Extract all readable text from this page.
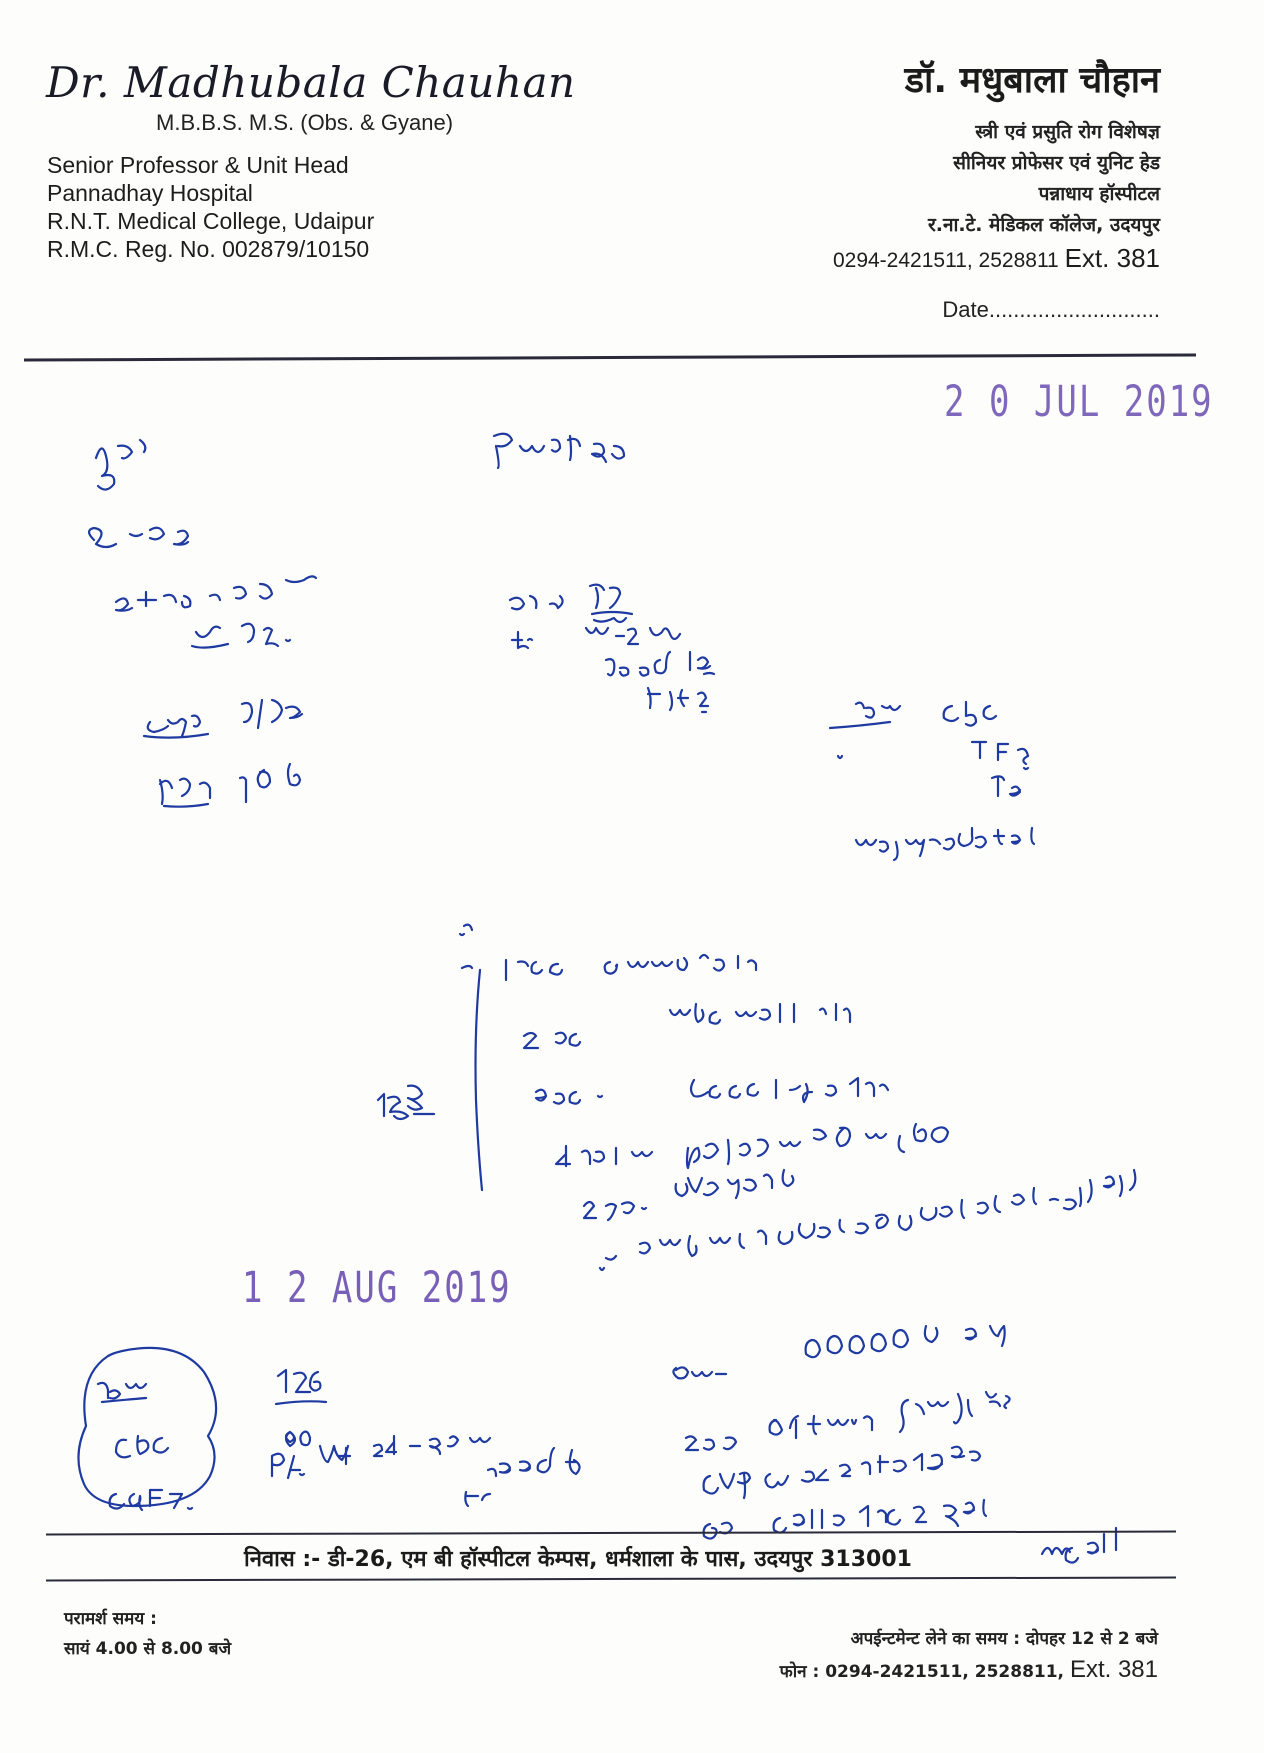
Dr. Madhubala Chauhan
M.B.B.S. M.S. (Obs. & Gyane)
Senior Professor & Unit Head
Pannadhay Hospital
R.N.T. Medical College, Udaipur
R.M.C. Reg. No. 002879/10150
डॉ. मधुबाला चौहान
स्त्री एवं प्रसुति रोग विशेषज्ञ
सीनियर प्रोफेसर एवं युनिट हेड
पन्नाधाय हॉस्पीटल
र.ना.टे. मेडिकल कॉलेज, उदयपुर
0294-2421511, 2528811 Ext. 381
Date............................
2 0 JUL 2019
1 2 AUG 2019
निवास :- डी-26, एम बी हॉस्पीटल केम्पस, धर्मशाला के पास, उदयपुर 313001
परामर्श समय :
सायं 4.00 से 8.00 बजे	अपईन्टमेन्ट लेने का समय : दोपहर 12 से 2 बजे
फोन : 0294-2421511, 2528811, Ext. 381
